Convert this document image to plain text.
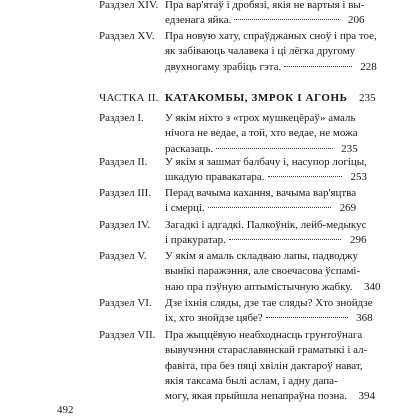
Раздзел XIV. Пра вар'ятаў і дробязі, якія не вартыя і вы-
едзенага яйка.	206
Раздзел XV. Пра новую хату, спраўджаных сноў і пра тое,
як забіваюць чалавека і ці лёгка другому
двухногаму зрабіць гэта.	228
ЧАСТКА II. КАТАКОМБЫ, ЗМРОК І АГОНЬ	235
Раздзел I. У якім ніхто з «трох мушкецёраў» амаль
нічога не ведае, а той, хто ведае, не можа
расказаць.	235
Раздзел II. У якім я зашмат балбачу і, насупор логіцы,
шкадую правакатара.	253
Раздзел III. Перад вачыма кахання, вачыма вар'яцтва
і смерці.	269
Раздзел IV. Загадкі і адгадкі. Палкоўнік, лейб-медыкус
і пракуратар.	296
Раздзел V. У якім я амаль складваю лапы, падводжу
вынікі паражэння, але своечасова ўспамі-
наю пра пэўную аптымістычную жабку.	340
Раздзел VI. Дзе іхнія сляды, дзе тае сляды? Хто знойдзе
іх, хто знойдзе цябе?	368
Раздзел VII. Пра жыццёвую неабходнасць грунтоўнага
вывучэння старaславянскай граматыкі і ал-
фавіта, пра без пяці хвілін дактароў нават,
якія таксама былі аслам, і адну дапа-
могу, якая прыйшла непапраўна позна.	394
492
